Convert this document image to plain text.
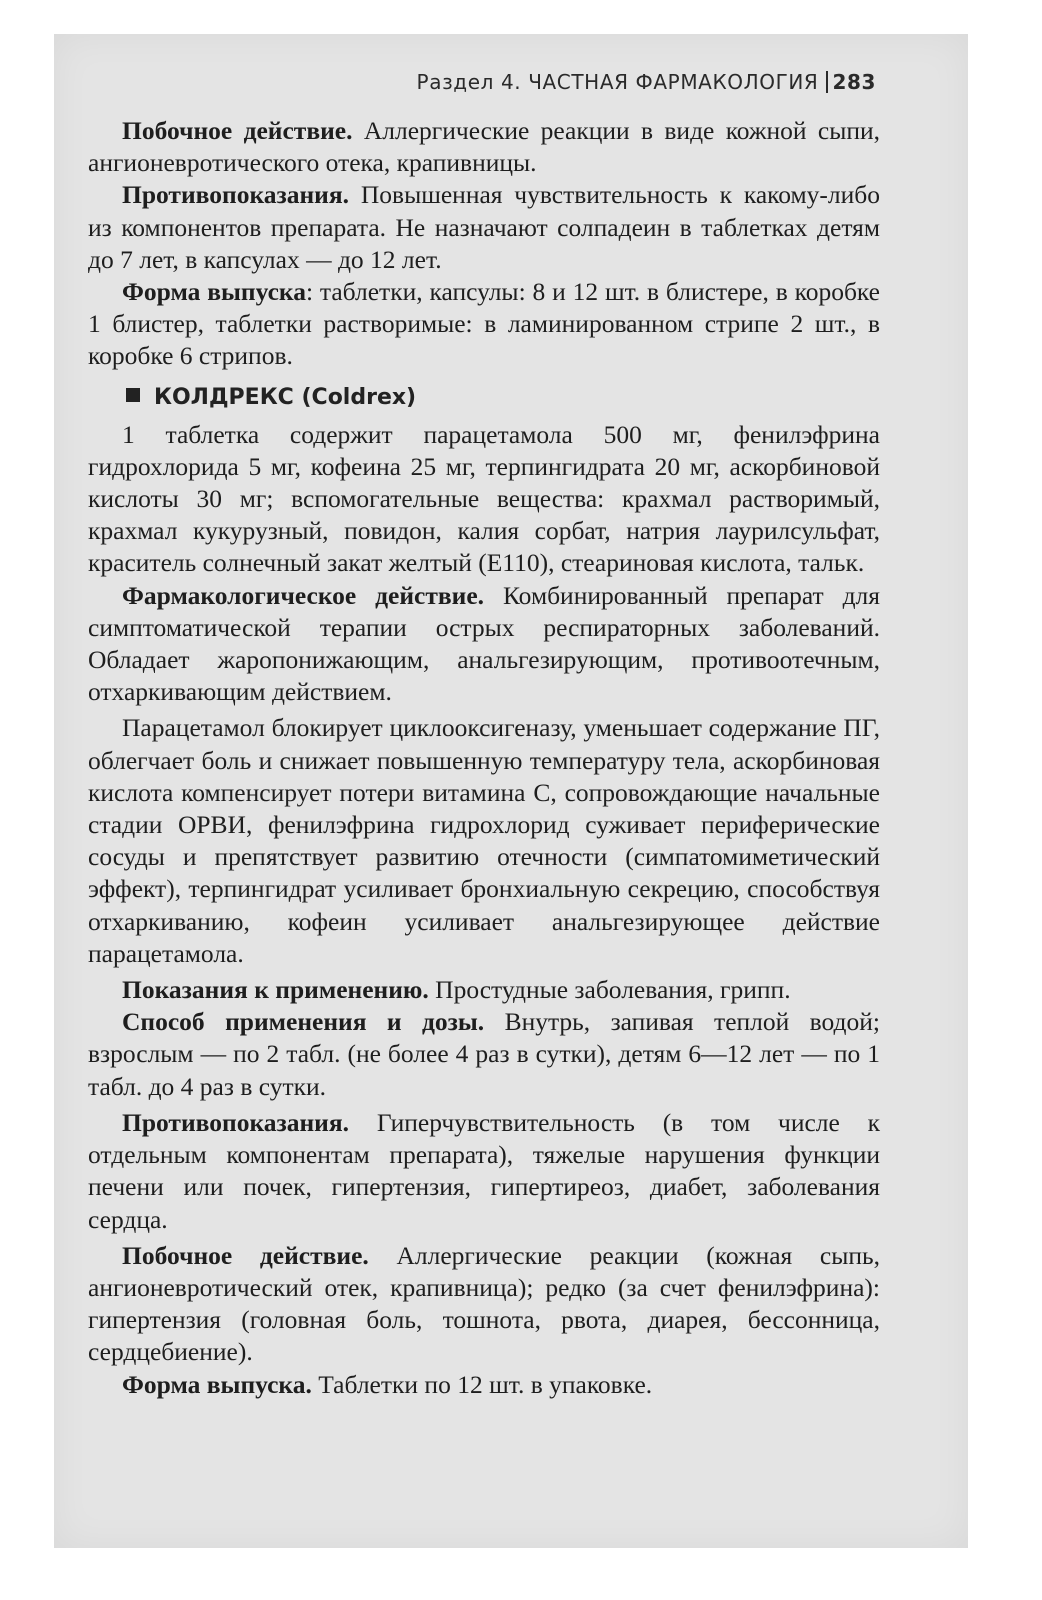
Раздел 4. ЧАСТНАЯ ФАРМАКОЛОГИЯ 283

Побочное действие. Аллергические реакции в виде кожной сыпи, ангионевротического отека, крапивницы.

Противопоказания. Повышенная чувствительность к какому-либо из компонентов препарата. Не назначают солпадеин в таблетках детям до 7 лет, в капсулах — до 12 лет.

Форма выпуска: таблетки, капсулы: 8 и 12 шт. в блистере, в коробке 1 блистер, таблетки растворимые: в ламинированном стрипе 2 шт., в коробке 6 стрипов.

КОЛДРЕКС (Coldrex)

1 таблетка содержит парацетамола 500 мг, фенилэфрина гидрохлорида 5 мг, кофеина 25 мг, терпингидрата 20 мг, аскорбиновой кислоты 30 мг; вспомогательные вещества: крахмал растворимый, крахмал кукурузный, повидон, калия сорбат, натрия лаурилсульфат, краситель солнечный закат желтый (Е110), стеариновая кислота, тальк.

Фармакологическое действие. Комбинированный препарат для симптоматической терапии острых респираторных заболеваний. Обладает жаропонижающим, анальгезирующим, противоотечным, отхаркивающим действием.

Парацетамол блокирует циклооксигеназу, уменьшает содержание ПГ, облегчает боль и снижает повышенную температуру тела, аскорбиновая кислота компенсирует потери витамина С, сопровождающие начальные стадии ОРВИ, фенилэфрина гидрохлорид суживает периферические сосуды и препятствует развитию отечности (симпатомиметический эффект), терпингидрат усиливает бронхиальную секрецию, способствуя отхаркиванию, кофеин усиливает анальгезирующее действие парацетамола.

Показания к применению. Простудные заболевания, грипп.

Способ применения и дозы. Внутрь, запивая теплой водой; взрослым — по 2 табл. (не более 4 раз в сутки), детям 6—12 лет — по 1 табл. до 4 раз в сутки.

Противопоказания. Гиперчувствительность (в том числе к отдельным компонентам препарата), тяжелые нарушения функции печени или почек, гипертензия, гипертиреоз, диабет, заболевания сердца.

Побочное действие. Аллергические реакции (кожная сыпь, ангионевротический отек, крапивница); редко (за счет фенилэфрина): гипертензия (головная боль, тошнота, рвота, диарея, бессонница, сердцебиение).

Форма выпуска. Таблетки по 12 шт. в упаковке.
